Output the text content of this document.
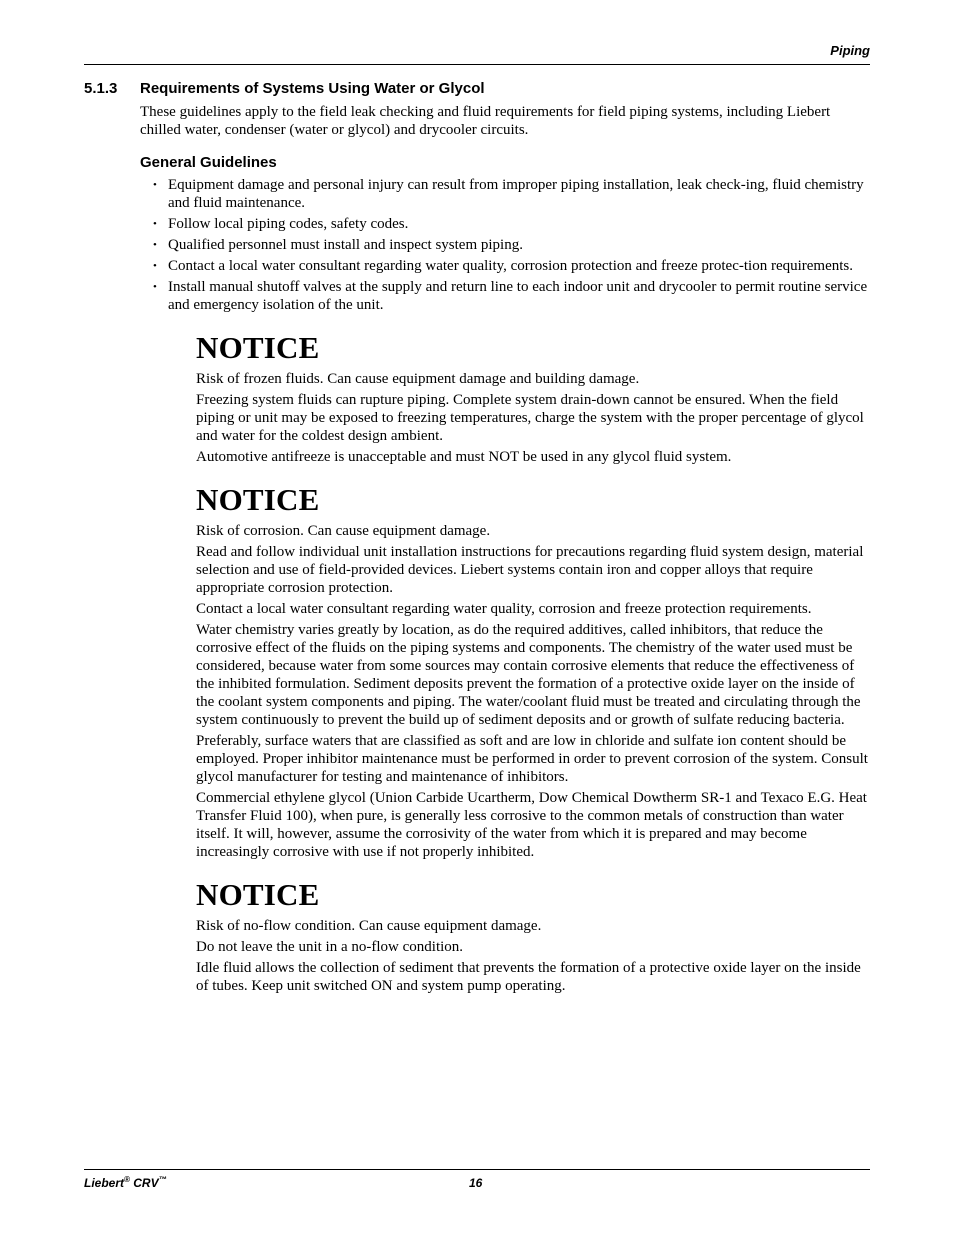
Piping
5.1.3 Requirements of Systems Using Water or Glycol

These guidelines apply to the field leak checking and fluid requirements for field piping systems, including Liebert chilled water, condenser (water or glycol) and drycooler circuits.

General Guidelines
• Equipment damage and personal injury can result from improper piping installation, leak check-ing, fluid chemistry and fluid maintenance.
• Follow local piping codes, safety codes.
• Qualified personnel must install and inspect system piping.
• Contact a local water consultant regarding water quality, corrosion protection and freeze protec-tion requirements.
• Install manual shutoff valves at the supply and return line to each indoor unit and drycooler to permit routine service and emergency isolation of the unit.
NOTICE

Risk of frozen fluids. Can cause equipment damage and building damage.

Freezing system fluids can rupture piping. Complete system drain-down cannot be ensured. When the field piping or unit may be exposed to freezing temperatures, charge the system with the proper percentage of glycol and water for the coldest design ambient.

Automotive antifreeze is unacceptable and must NOT be used in any glycol fluid system.

NOTICE

Risk of corrosion. Can cause equipment damage.

Read and follow individual unit installation instructions for precautions regarding fluid system design, material selection and use of field-provided devices. Liebert systems contain iron and copper alloys that require appropriate corrosion protection.

Contact a local water consultant regarding water quality, corrosion and freeze protection requirements.

Water chemistry varies greatly by location, as do the required additives, called inhibitors, that reduce the corrosive effect of the fluids on the piping systems and components. The chemistry of the water used must be considered, because water from some sources may contain corrosive elements that reduce the effectiveness of the inhibited formulation. Sediment deposits prevent the formation of a protective oxide layer on the inside of the coolant system components and piping. The water/coolant fluid must be treated and circulating through the system continuously to prevent the build up of sediment deposits and or growth of sulfate reducing bacteria.

Preferably, surface waters that are classified as soft and are low in chloride and sulfate ion content should be employed. Proper inhibitor maintenance must be performed in order to prevent corrosion of the system. Consult glycol manufacturer for testing and maintenance of inhibitors.

Commercial ethylene glycol (Union Carbide Ucartherm, Dow Chemical Dowtherm SR-1 and Texaco E.G. Heat Transfer Fluid 100), when pure, is generally less corrosive to the common metals of construction than water itself. It will, however, assume the corrosivity of the water from which it is prepared and may become increasingly corrosive with use if not properly inhibited.

NOTICE

Risk of no-flow condition. Can cause equipment damage.

Do not leave the unit in a no-flow condition.

Idle fluid allows the collection of sediment that prevents the formation of a protective oxide layer on the inside of tubes. Keep unit switched ON and system pump operating.

Liebert® CRV™	16
